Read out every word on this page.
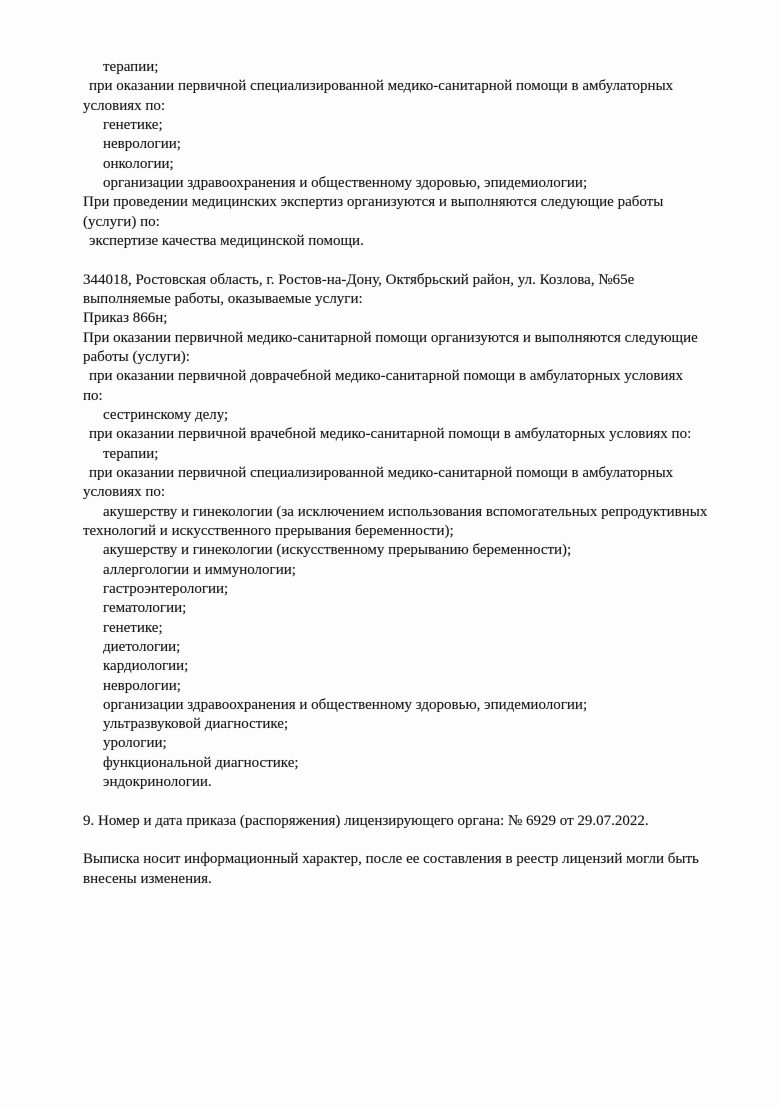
терапии;
при оказании первичной специализированной медико-санитарной помощи в амбулаторных
условиях по:
генетике;
неврологии;
онкологии;
организации здравоохранения и общественному здоровью, эпидемиологии;
При проведении медицинских экспертиз организуются и выполняются следующие работы
(услуги) по:
экспертизе качества медицинской помощи.
344018, Ростовская область, г. Ростов-на-Дону, Октябрьский район, ул. Козлова, №65е
выполняемые работы, оказываемые услуги:
Приказ 866н;
При оказании первичной медико-санитарной помощи организуются и выполняются следующие
работы (услуги):
при оказании первичной доврачебной медико-санитарной помощи в амбулаторных условиях
по:
сестринскому делу;
при оказании первичной врачебной медико-санитарной помощи в амбулаторных условиях по:
терапии;
при оказании первичной специализированной медико-санитарной помощи в амбулаторных
условиях по:
акушерству и гинекологии (за исключением использования вспомогательных репродуктивных
технологий и искусственного прерывания беременности);
акушерству и гинекологии (искусственному прерыванию беременности);
аллергологии и иммунологии;
гастроэнтерологии;
гематологии;
генетике;
диетологии;
кардиологии;
неврологии;
организации здравоохранения и общественному здоровью, эпидемиологии;
ультразвуковой диагностике;
урологии;
функциональной диагностике;
эндокринологии.
9. Номер и дата приказа (распоряжения) лицензирующего органа: № 6929 от 29.07.2022.
Выписка носит информационный характер, после ее составления в реестр лицензий могли быть
внесены изменения.
